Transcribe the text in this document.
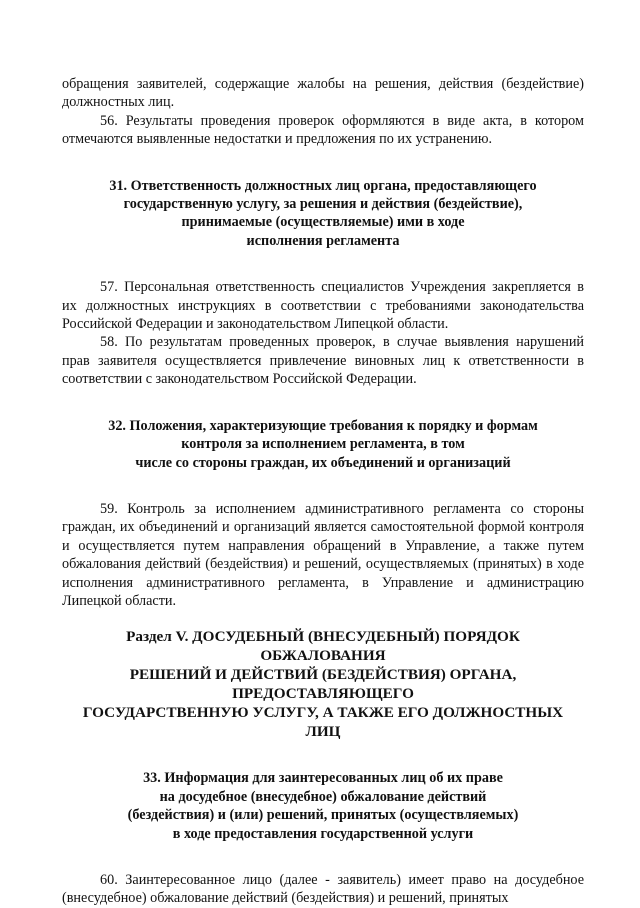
обращения заявителей, содержащие жалобы на решения, действия (бездействие) должностных лиц.

56. Результаты проведения проверок оформляются в виде акта, в котором отмечаются выявленные недостатки и предложения по их устранению.

31. Ответственность должностных лиц органа, предоставляющего
государственную услугу, за решения и действия (бездействие),
принимаемые (осуществляемые) ими в ходе
исполнения регламента

57. Персональная ответственность специалистов Учреждения закрепляется в их должностных инструкциях в соответствии с требованиями законодательства Российской Федерации и законодательством Липецкой области.

58. По результатам проведенных проверок, в случае выявления нарушений прав заявителя осуществляется привлечение виновных лиц к ответственности в соответствии с законодательством Российской Федерации.

32. Положения, характеризующие требования к порядку и формам
контроля за исполнением регламента, в том
числе со стороны граждан, их объединений и организаций

59. Контроль за исполнением административного регламента со стороны граждан, их объединений и организаций является самостоятельной формой контроля и осуществляется путем направления обращений в Управление, а также путем обжалования действий (бездействия) и решений, осуществляемых (принятых) в ходе исполнения административного регламента, в Управление и администрацию Липецкой области.

Раздел V. ДОСУДЕБНЫЙ (ВНЕСУДЕБНЫЙ) ПОРЯДОК
ОБЖАЛОВАНИЯ
РЕШЕНИЙ И ДЕЙСТВИЙ (БЕЗДЕЙСТВИЯ) ОРГАНА,
ПРЕДОСТАВЛЯЮЩЕГО
ГОСУДАРСТВЕННУЮ УСЛУГУ, А ТАКЖЕ ЕГО ДОЛЖНОСТНЫХ
ЛИЦ
33. Информация для заинтересованных лиц об их праве
на досудебное (внесудебное) обжалование действий
(бездействия) и (или) решений, принятых (осуществляемых)
в ходе предоставления государственной услуги

60. Заинтересованное лицо (далее - заявитель) имеет право на досудебное (внесудебное) обжалование действий (бездействия) и решений, принятых
